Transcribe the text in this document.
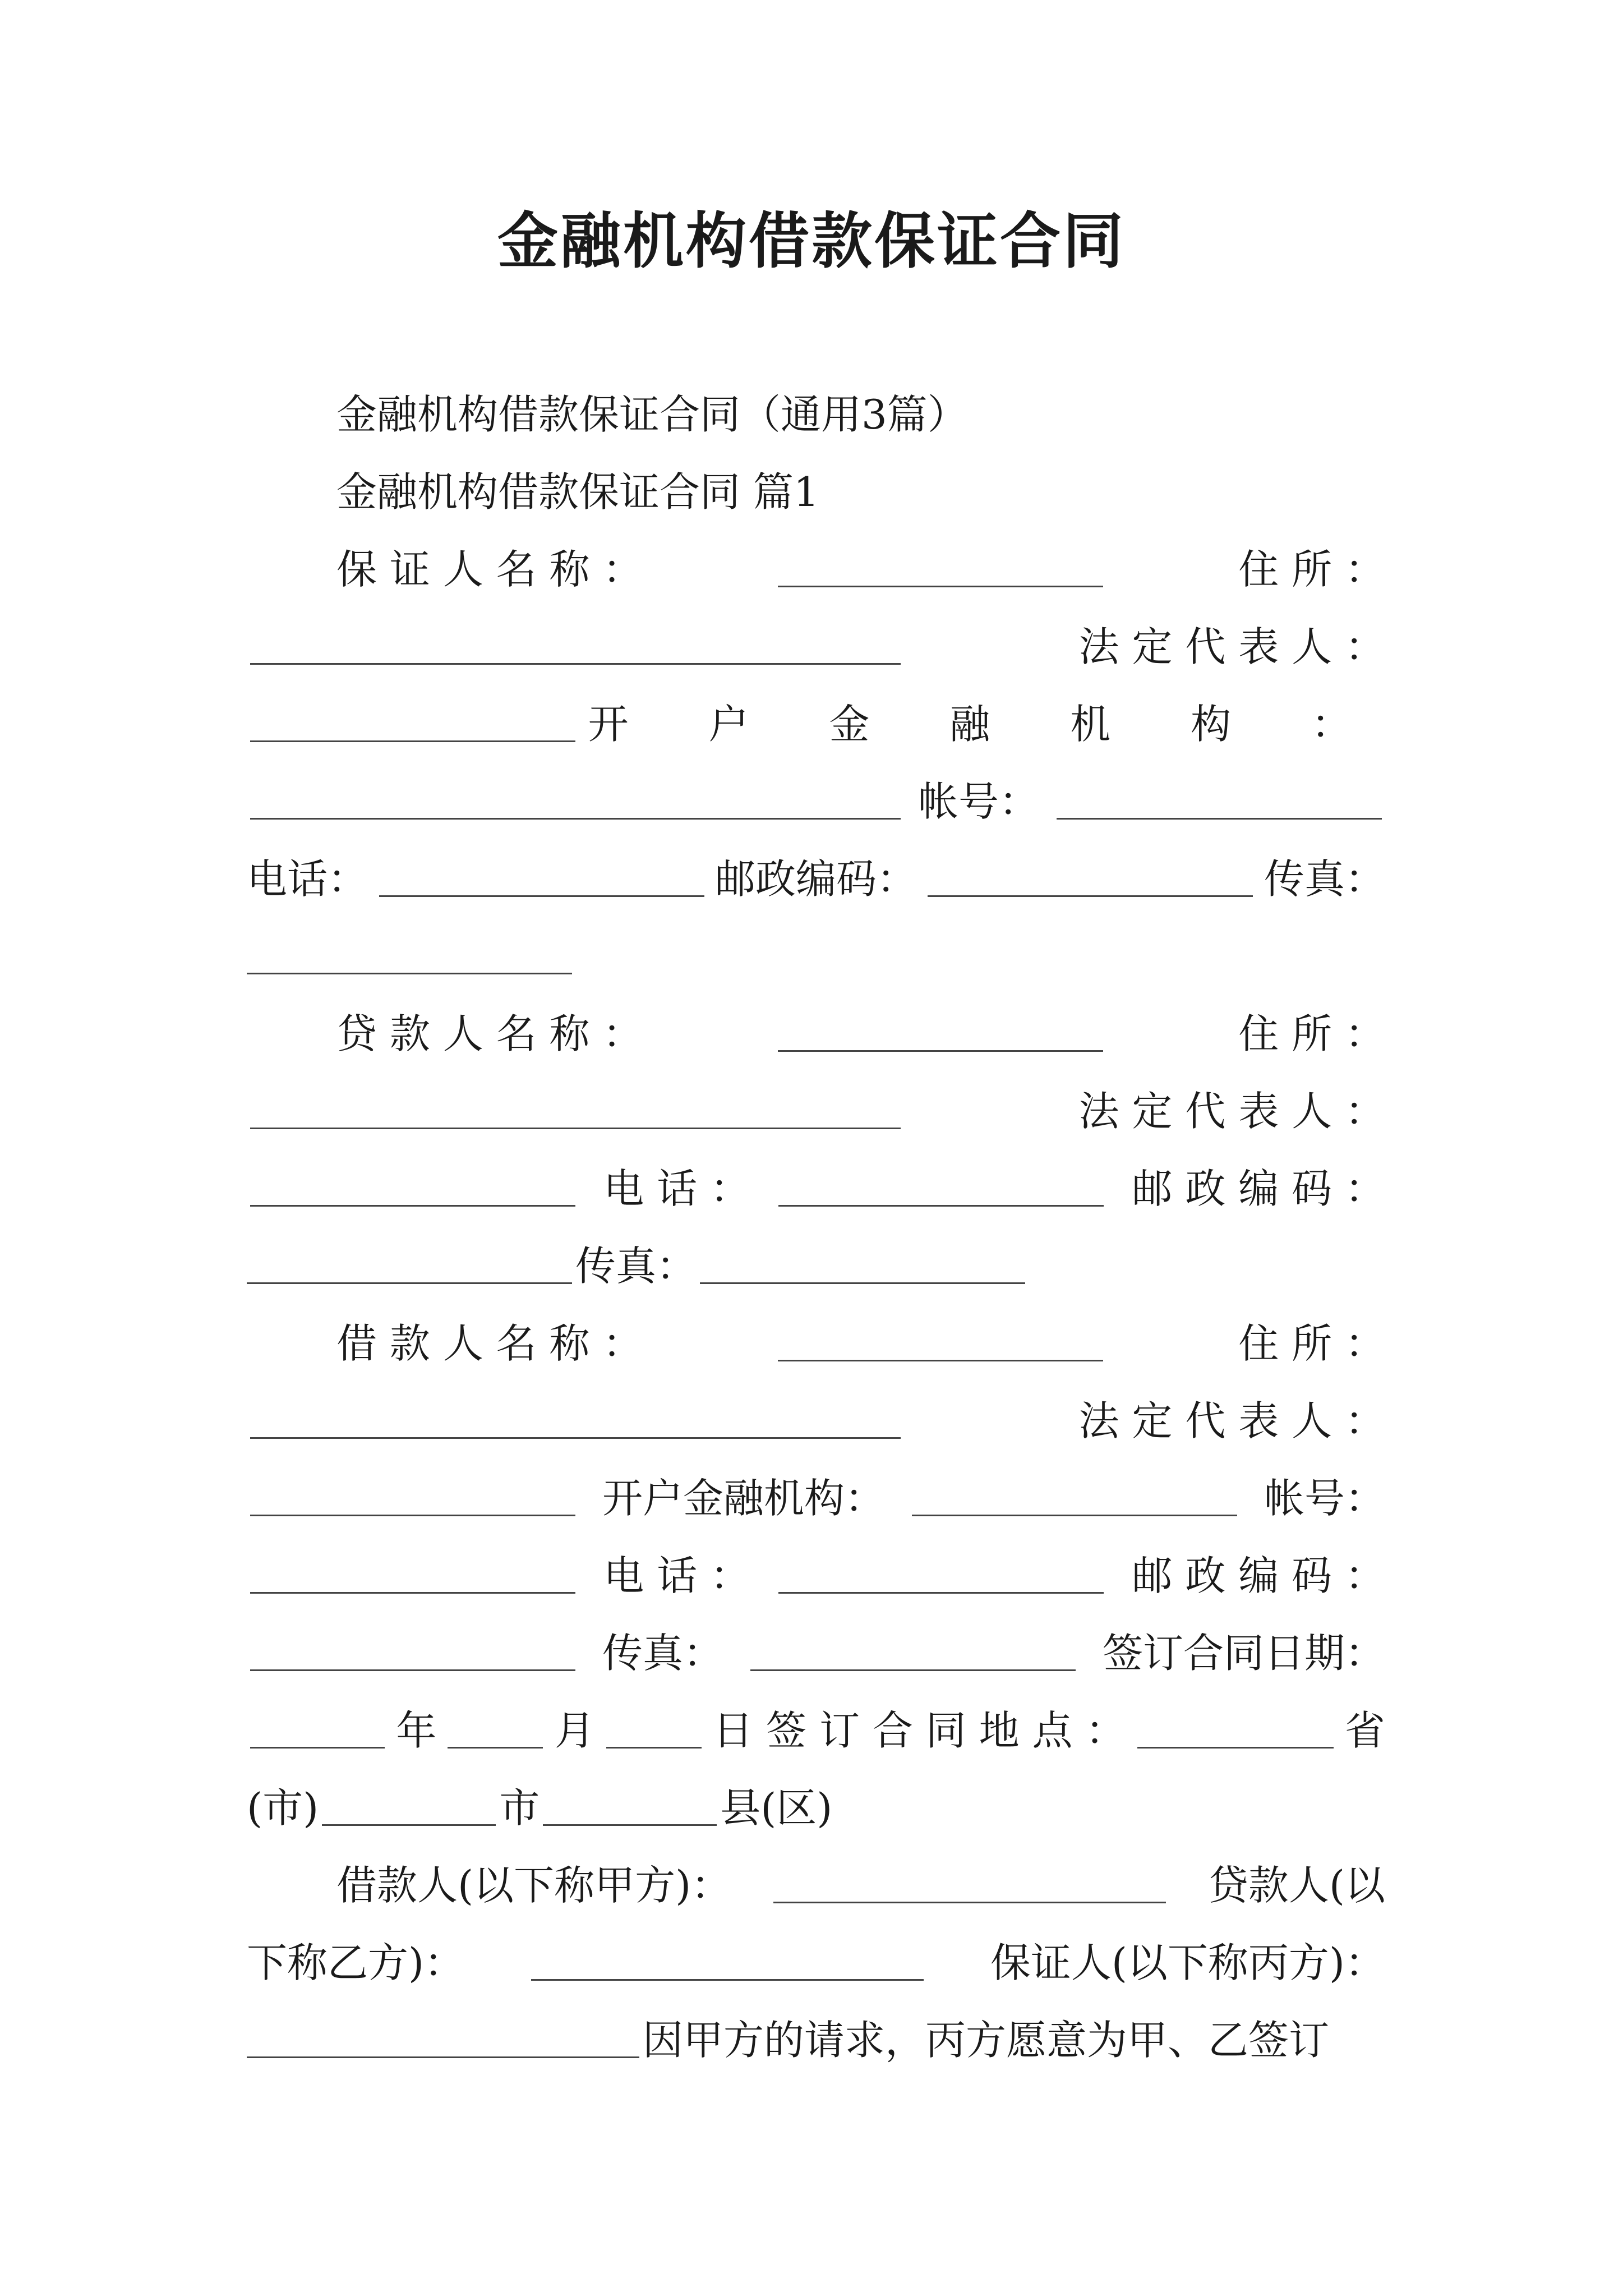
金融机构借款保证合同
金融机构借款保证合同（通用3篇）
金融机构借款保证合同 篇1
保 证 人 名 称 ：	住 所 ：
法 定 代 表 人 ：
开 户 金 融 机 构 ：
帐号：
电话：	邮政编码：	传真：
贷 款 人 名 称 ：	住 所 ：
法 定 代 表 人 ：
电 话 ：	邮 政 编 码 ：
传真：
借 款 人 名 称 ：	住 所 ：
法 定 代 表 人 ：
开户金融机构：	帐号：
电 话 ：	邮 政 编 码 ：
传真：	签订合同日期：
年	月	日 签 订 合 同 地 点 ：	省
(市)	市	县(区)
借款人(以下称甲方)：	贷款人(以
下称乙方)：	保证人(以下称丙方)：
因甲方的请求，丙方愿意为甲、乙签订
